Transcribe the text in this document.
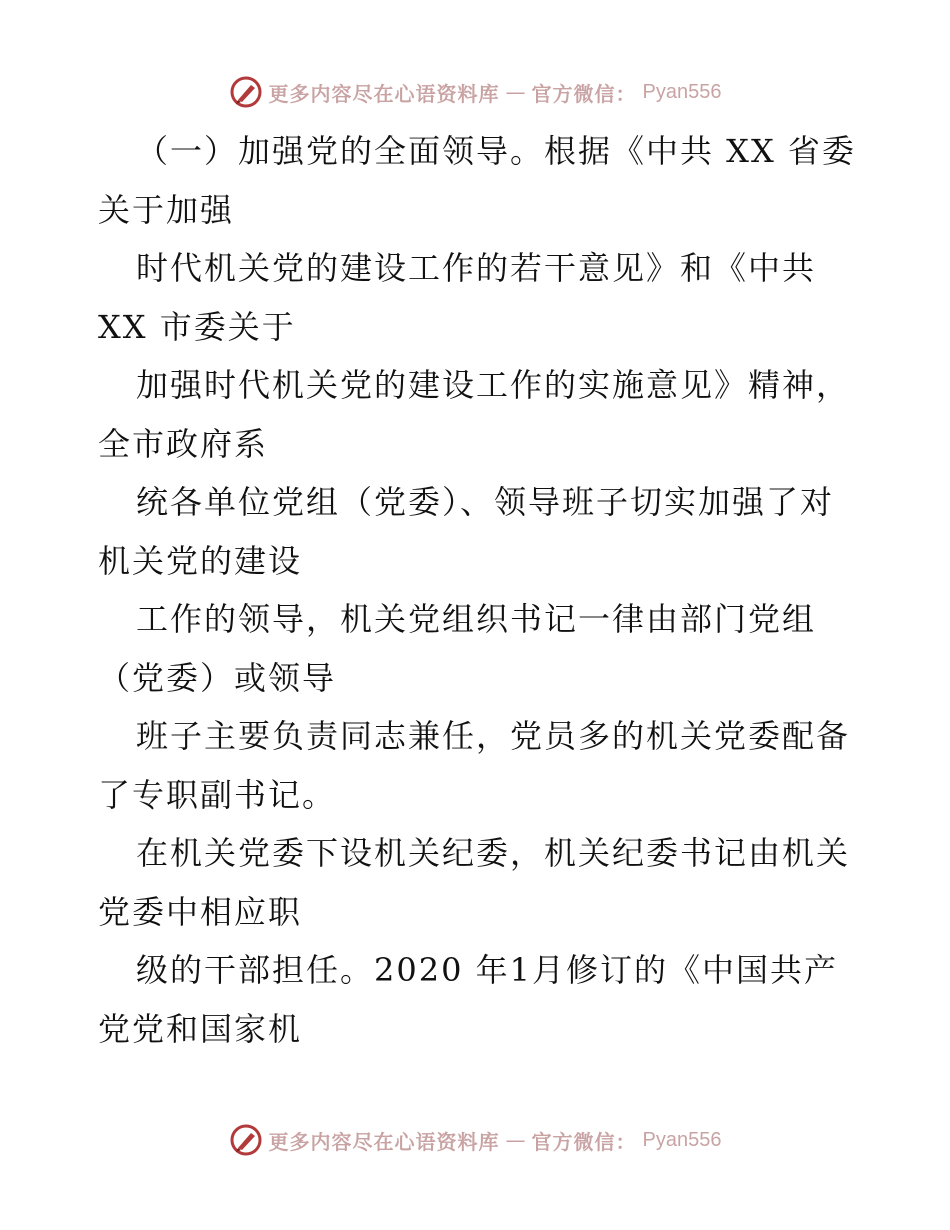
更多内容尽在心语资料库 — 官方微信： Pyan556
（一）加强党的全面领导。根据《中共 XX 省委
关于加强
时代机关党的建设工作的若干意见》和《中共
XX 市委关于
加强时代机关党的建设工作的实施意见》精神，
全市政府系
统各单位党组（党委）、领导班子切实加强了对
机关党的建设
工作的领导，机关党组织书记一律由部门党组
（党委）或领导
班子主要负责同志兼任，党员多的机关党委配备
了专职副书记。
在机关党委下设机关纪委，机关纪委书记由机关
党委中相应职
级的干部担任。2020 年1月修订的《中国共产
党党和国家机
更多内容尽在心语资料库 — 官方微信： Pyan556
